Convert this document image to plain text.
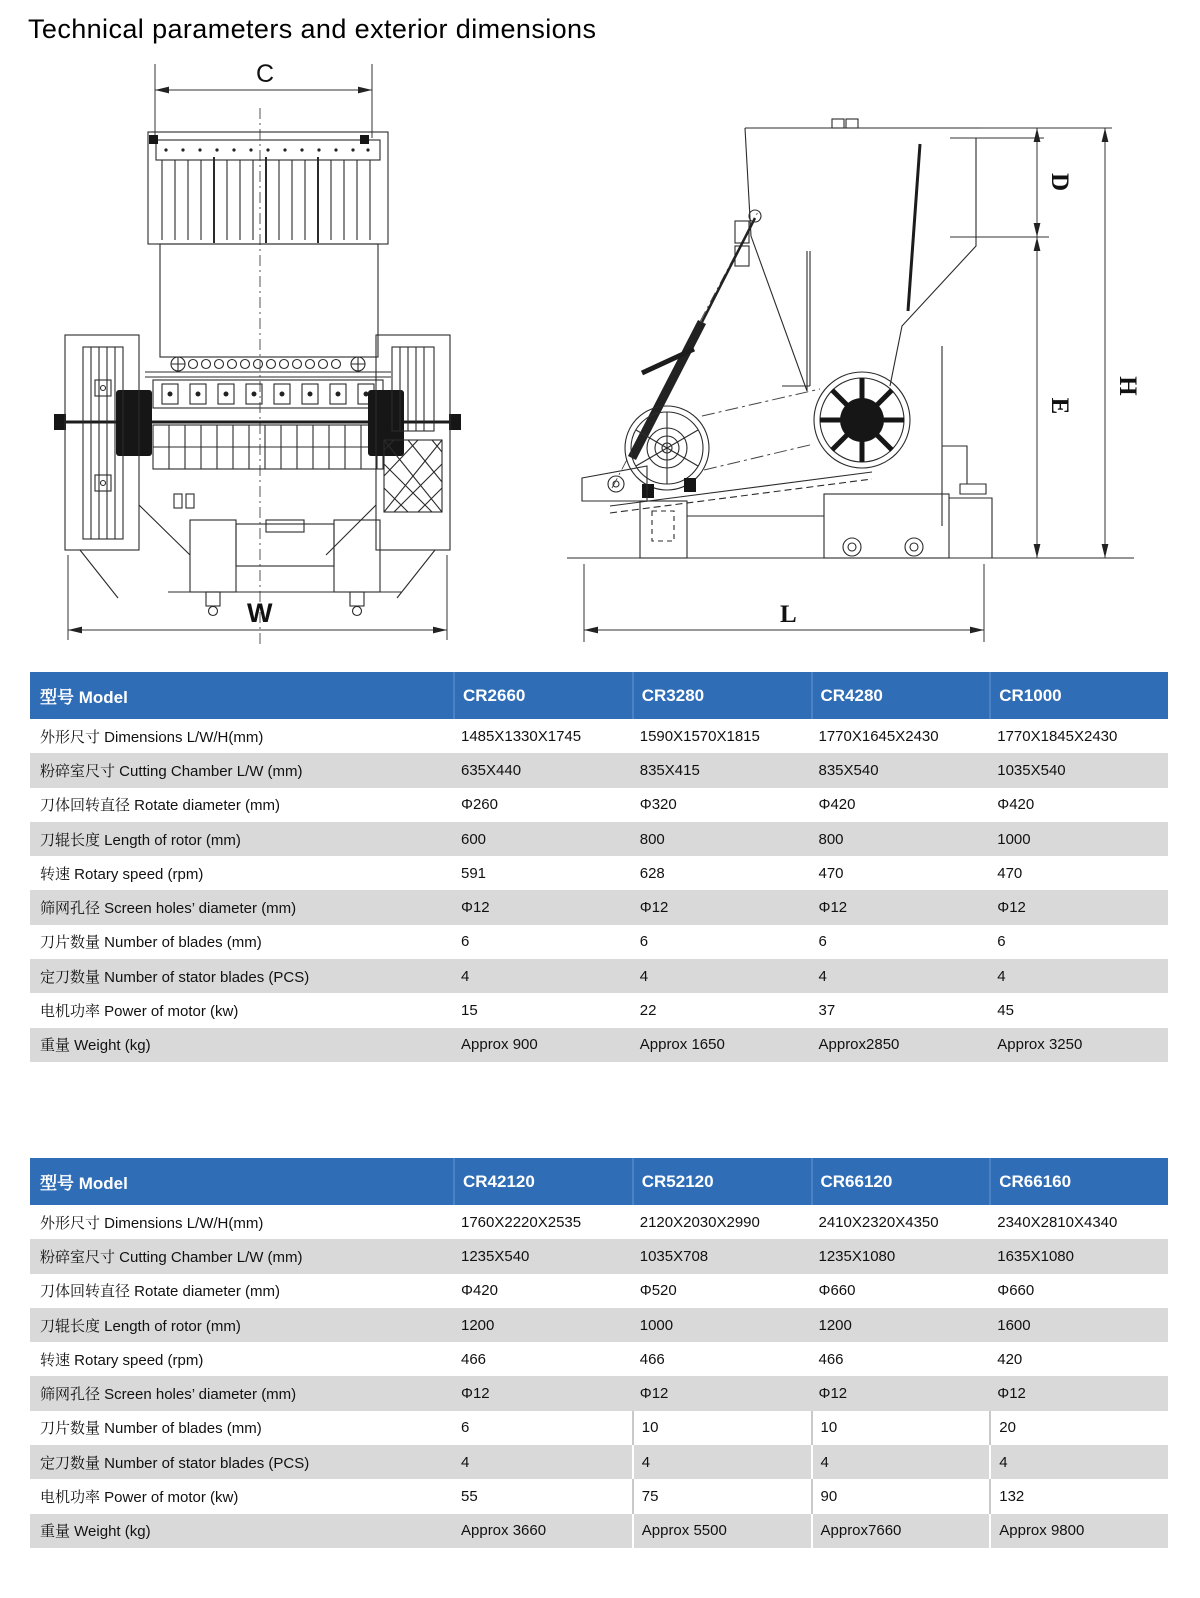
Technical parameters and exterior dimensions
C
W
D
E
H
L
型号 Model	CR2660	CR3280	CR4280	CR1000
外形尺寸 Dimensions L/W/H(mm)	1485X1330X1745	1590X1570X1815	1770X1645X2430	1770X1845X2430
粉碎室尺寸 Cutting Chamber L/W (mm)	635X440	835X415	835X540	1035X540
刀体回转直径 Rotate diameter (mm)	Φ260	Φ320	Φ420	Φ420
刀辊长度 Length of rotor (mm)	600	800	800	1000
转速 Rotary speed (rpm)	591	628	470	470
筛网孔径 Screen holes’ diameter (mm)	Φ12	Φ12	Φ12	Φ12
刀片数量 Number of blades (mm)	6	6	6	6
定刀数量 Number of stator blades (PCS)	4	4	4	4
电机功率 Power of motor (kw)	15	22	37	45
重量 Weight (kg)	Approx 900	Approx 1650	Approx2850	Approx 3250
型号 Model	CR42120	CR52120	CR66120	CR66160
外形尺寸 Dimensions L/W/H(mm)	1760X2220X2535	2120X2030X2990	2410X2320X4350	2340X2810X4340
粉碎室尺寸 Cutting Chamber L/W (mm)	1235X540	1035X708	1235X1080	1635X1080
刀体回转直径 Rotate diameter (mm)	Φ420	Φ520	Φ660	Φ660
刀辊长度 Length of rotor (mm)	1200	1000	1200	1600
转速 Rotary speed (rpm)	466	466	466	420
筛网孔径 Screen holes’ diameter (mm)	Φ12	Φ12	Φ12	Φ12
刀片数量 Number of blades (mm)	6	10	10	20
定刀数量 Number of stator blades (PCS)	4	4	4	4
电机功率 Power of motor (kw)	55	75	90	132
重量 Weight (kg)	Approx 3660	Approx 5500	Approx7660	Approx 9800
